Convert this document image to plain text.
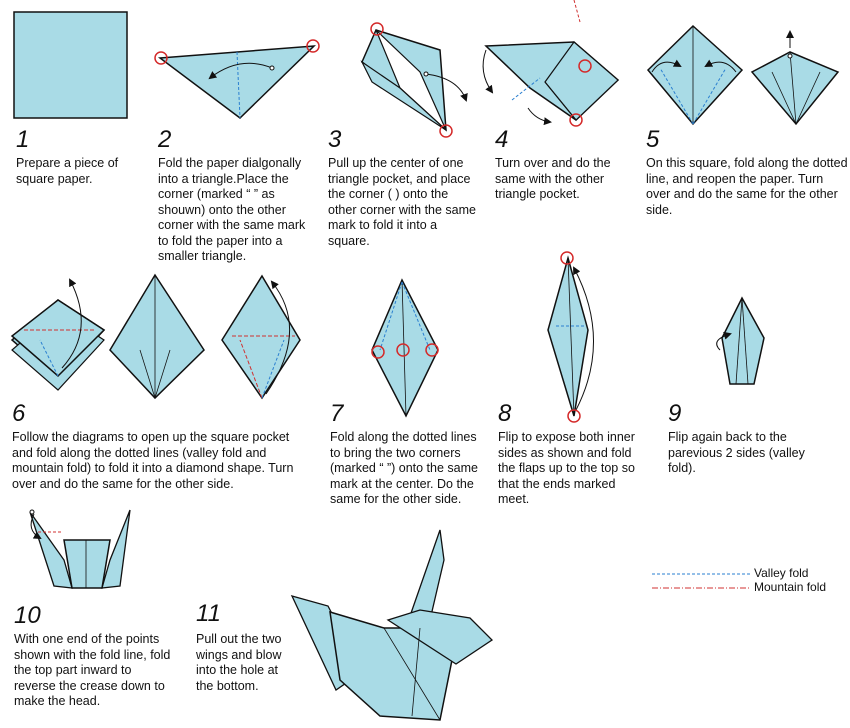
1
Prepare a piece of square paper.
2
Fold the paper dialgonally into a triangle.Place the corner (marked “ ” as shouwn) onto the other corner with the same mark to fold the paper into a smaller triangle.
3
Pull up the center of one triangle pocket, and place the corner ( ) onto the other corner with the same mark to fold it into a square.
4
Turn over and do the same with the other triangle pocket.
5
On this square, fold along the dotted line, and reopen the paper. Turn over and do the same for the other side.
6
Follow the diagrams to open up the square pocket and fold along the dotted lines (valley fold and mountain fold) to fold it into a diamond shape. Turn over and do the same for the other side.
7
Fold along the dotted lines to bring the two corners (marked “ ”) onto the same mark at the center. Do the same for the other side.
8
Flip to expose both inner sides as shown and fold the flaps up to the top so that the ends marked meet.
9
Flip again back to the parevious 2 sides (valley fold).
10
With one end of the points shown with the fold line, fold the top part inward to reverse the crease down to make the head.
11
Pull out the two wings and blow into the hole at the bottom.
Valley fold
Mountain fold
